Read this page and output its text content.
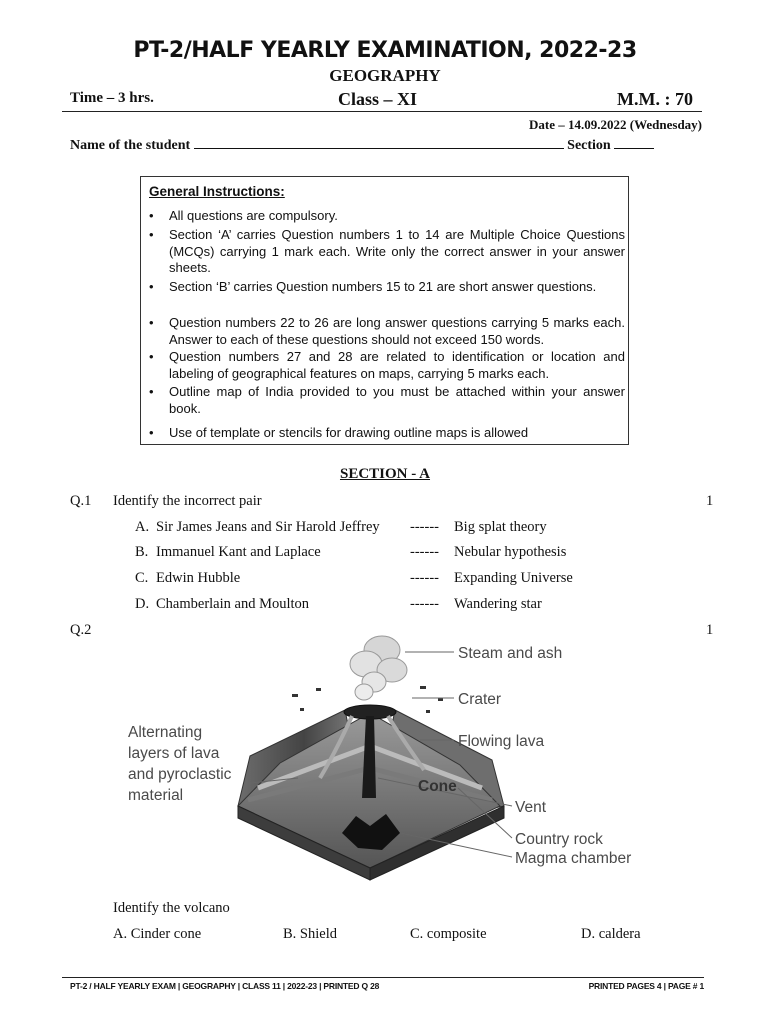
PT-2/HALF YEARLY EXAMINATION, 2022-23
GEOGRAPHY
Time – 3 hrs.	Class – XI	M.M. : 70
Date – 14.09.2022 (Wednesday)
Name of the student	Section
General Instructions:
• All questions are compulsory.
• Section ‘A’ carries Question numbers 1 to 14 are Multiple Choice Questions (MCQs) carrying 1 mark each. Write only the correct answer in your answer sheets.
• Section ‘B’ carries Question numbers 15 to 21 are short answer questions.
• Question numbers 22 to 26 are long answer questions carrying 5 marks each. Answer to each of these questions should not exceed 150 words.
• Question numbers 27 and 28 are related to identification or location and labeling of geographical features on maps, carrying 5 marks each.
• Outline map of India provided to you must be attached within your answer book.
• Use of template or stencils for drawing outline maps is allowed
SECTION - A
Q.1 Identify the incorrect pair	1
A. Sir James Jeans and Sir Harold Jeffrey ------ Big splat theory
B. Immanuel Kant and Laplace	------ Nebular hypothesis
C. Edwin Hubble	------ Expanding Universe
D. Chamberlain and Moulton	------ Wandering star
Q.2	1
Steam and ash
Crater
Flowing lava
Alternating
layers of lava
and pyroclastic
material
Cone
Vent
Country rock
Magma chamber
Identify the volcano
A. Cinder cone	B. Shield	C. composite	D. caldera
PT-2 / HALF YEARLY EXAM | GEOGRAPHY | CLASS 11 | 2022-23 | PRINTED Q 28	PRINTED PAGES 4 | PAGE # 1
